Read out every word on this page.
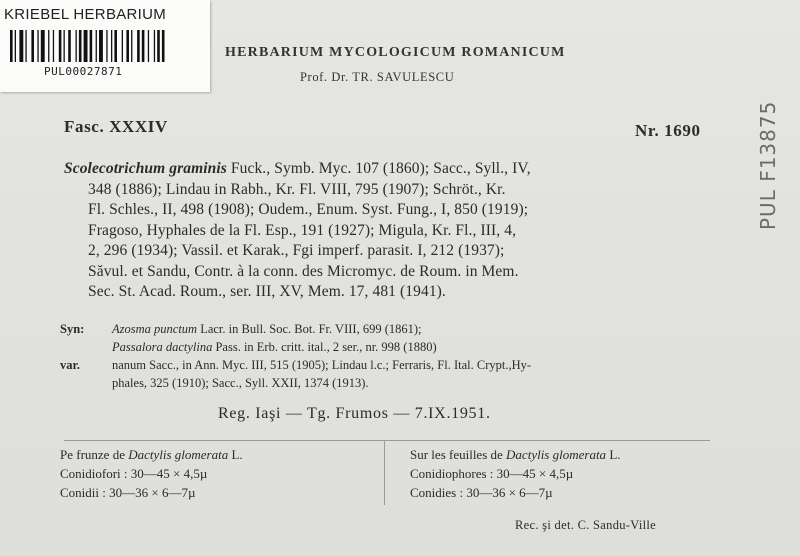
KRIEBEL HERBARIUM
PUL00027871
HERBARIUM MYCOLOGICUM ROMANICUM
Prof. Dr. TR. SAVULESCU
Fasc. XXXIV	Nr. 1690	PUL F13875
Scolecotrichum graminis Fuck., Symb. Myc. 107 (1860); Sacc., Syll., IV,
348 (1886); Lindau in Rabh., Kr. Fl. VIII, 795 (1907); Schröt., Kr.
Fl. Schles., II, 498 (1908); Oudem., Enum. Syst. Fung., I, 850 (1919);
Fragoso, Hyphales de la Fl. Esp., 191 (1927); Migula, Kr. Fl., III, 4,
2, 296 (1934); Vassil. et Karak., Fgi imperf. parasit. I, 212 (1937);
Săvul. et Sandu, Contr. à la conn. des Micromyc. de Roum. in Mem.
Sec. St. Acad. Roum., ser. III, XV, Mem. 17, 481 (1941).
Syn: Azosma punctum Lacr. in Bull. Soc. Bot. Fr. VIII, 699 (1861);
Passalora dactylina Pass. in Erb. critt. ital., 2 ser., nr. 998 (1880)
var.	nanum Sacc., in Ann. Myc. III, 515 (1905); Lindau l.c.; Ferraris, Fl. Ital. Crypt.,Hy-
phales, 325 (1910); Sacc., Syll. XXII, 1374 (1913).
Reg. Iaşi — Tg. Frumos — 7.IX.1951.
Pe frunze de Dactylis glomerata L.
Conidiofori : 30—45 × 4,5µ
Conidii : 30—36 × 6—7µ
Sur les feuilles de Dactylis glomerata L.
Conidiophores : 30—45 × 4,5µ
Conidies : 30—36 × 6—7µ
Rec. şi det. C. Sandu-Ville
